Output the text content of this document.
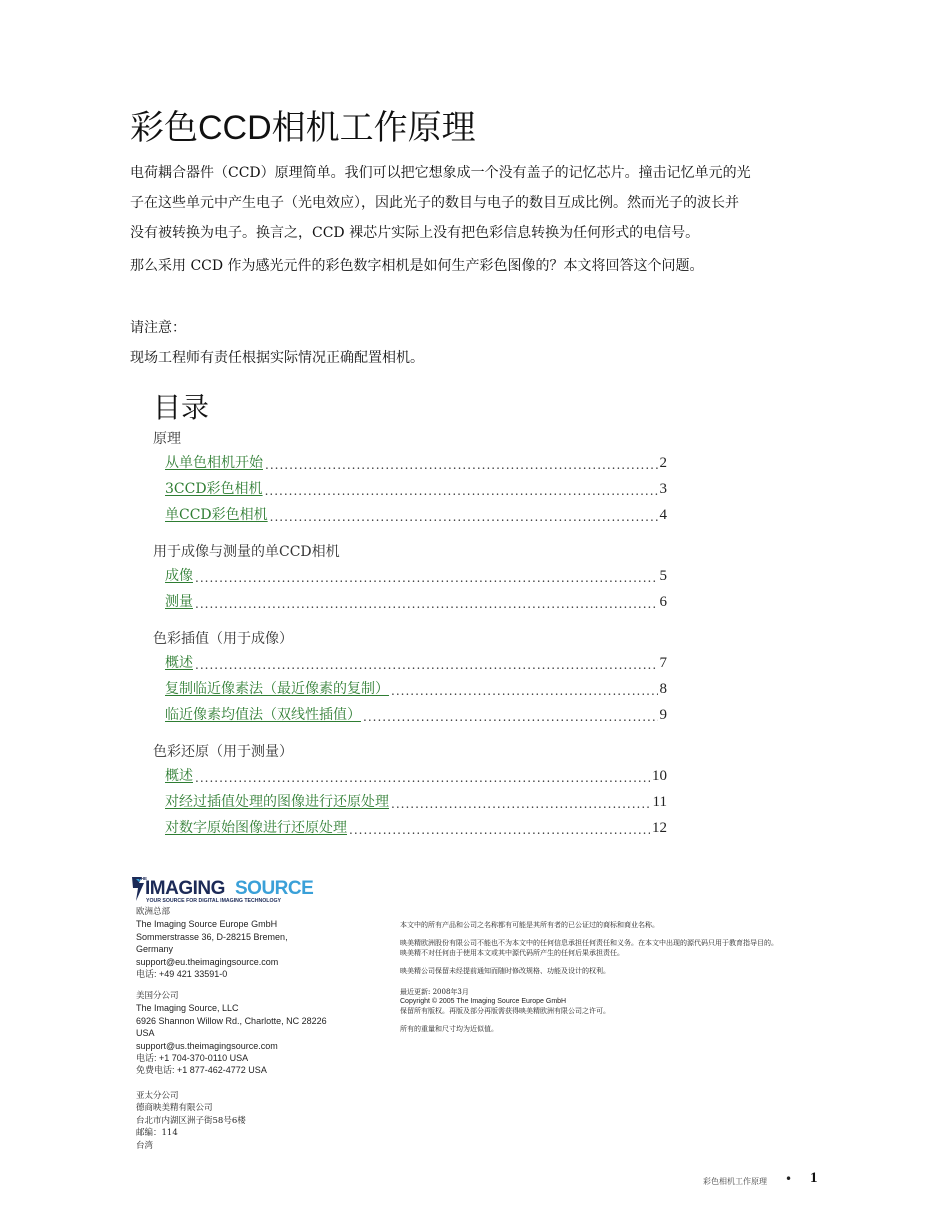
彩色CCD相机工作原理
电荷耦合器件（CCD）原理简单。我们可以把它想象成一个没有盖子的记忆芯片。撞击记忆单元的光
子在这些单元中产生电子（光电效应），因此光子的数目与电子的数目互成比例。然而光子的波长并
没有被转换为电子。换言之，CCD 裸芯片实际上没有把色彩信息转换为任何形式的电信号。
那么采用 CCD 作为感光元件的彩色数字相机是如何生产彩色图像的？本文将回答这个问题。
请注意：
现场工程师有责任根据实际情况正确配置相机。
目录
原理
从单色相机开始 .....	2
3CCD彩色相机 .....	3
单CCD彩色相机 .....	4
用于成像与测量的单CCD相机
成像 .....	5
测量 .....	6
色彩插值（用于成像）
概述 .....	7
复制临近像素法（最近像素的复制） .....	8
临近像素均值法（双线性插值） .....	9
色彩还原（用于测量）
概述 .....	10
对经过插值处理的图像进行还原处理 .....	11
对数字原始图像进行还原处理 .....	12
THE
IMAGING SOURCE
YOUR SOURCE FOR DIGITAL IMAGING TECHNOLOGY
欧洲总部
The Imaging Source Europe GmbH
Sommerstrasse 36, D-28215 Bremen,
Germany
support@eu.theimagingsource.com
电话: +49 421 33591-0
美国分公司
The Imaging Source, LLC
6926 Shannon Willow Rd., Charlotte, NC 28226
USA
support@us.theimagingsource.com
电话: +1 704-370-0110 USA
免费电话: +1 877-462-4772 USA
亚太分公司
德商映美精有限公司
台北市内湖区洲子街58号6楼
邮编：114
台湾
本文中的所有产品和公司之名称都有可能是其所有者的已公证过的商标和商业名称。
映美精欧洲股份有限公司不能也不为本文中的任何信息承担任何责任和义务。在本文中出现的源代码只用于教育指导目的。
映美精不对任何由于使用本文或其中源代码所产生的任何后果承担责任。
映美精公司保留未经提前通知而随时修改规格、功能及设计的权利。
最近更新: 2008年3月
Copyright © 2005 The Imaging Source Europe GmbH
保留所有版权。再版及部分再版需获得映美精欧洲有限公司之许可。
所有的重量和尺寸均为近似值。
彩色相机工作原理 • 1
